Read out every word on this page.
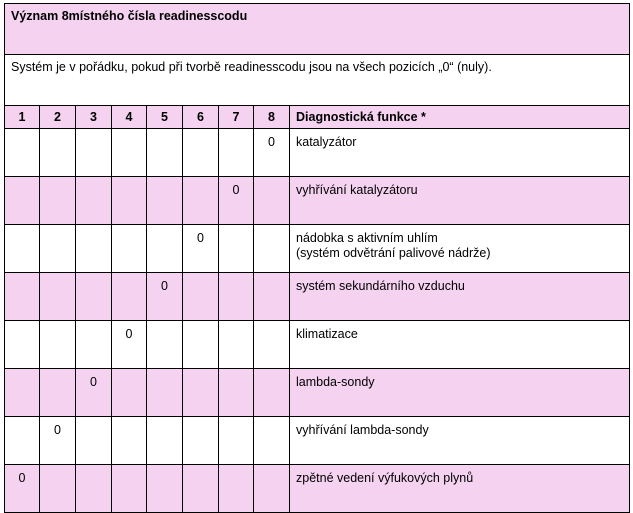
Význam 8místného čísla readinesscodu								
Systém je v pořádku, pokud při tvorbě readinesscodu jsou na všech pozicích „0“ (nuly).								
1	2	3	4	5	6	7	8	Diagnostická funkce *
							0	katalyzátor

						0		vyhřívání katalyzátoru

					0			nádobka s aktivním uhlím
(systém odvětrání palivové nádrže)

				0				systém sekundárního vzduchu

			0					klimatizace

		0						lambda-sondy

	0							vyhřívání lambda-sondy

0								zpětné vedení výfukových plynů
